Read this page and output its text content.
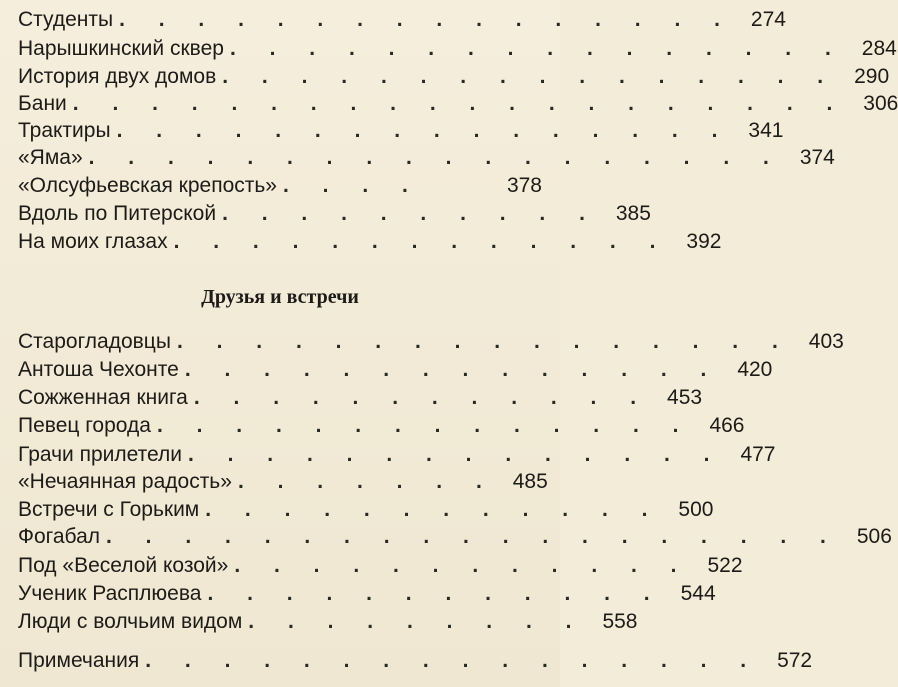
Студенты . . . . . . . . . . . . . . . . 274
Нарышкинский сквер . . . . . . . . . . . . . . . . 284
История двух домов . . . . . . . . . . . . . . . . 290
Бани . . . . . . . . . . . . . . . . . . . . 306
Трактиры . . . . . . . . . . . . . . . . 341
«Яма» . . . . . . . . . . . . . . . . . . 374
«Олсуфьевская крепость» . . . .	378
Вдоль по Питерской . . . . . . . . . . 385
На моих глазах . . . . . . . . . . . . . 392
Друзья и встречи
Старогладовцы . . . . . . . . . . . . . . . . 403
Антоша Чехонте . . . . . . . . . . . . . . 420
Сожженная книга . . . . . . . . . . . . 453
Певец города . . . . . . . . . . . . . . 466
Грачи прилетели . . . . . . . . . . . . . . 477
«Нечаянная радость» . . . . . . . 485
Встречи с Горьким . . . . . . . . . . . . 500
Фогабал . . . . . . . . . . . . . . . . . . . 506
Под «Веселой козой» . . . . . . . . . . . . 522
Ученик Расплюева . . . . . . . . . . . . 544
Люди с волчьим видом . . . . . . . . . 558
Примечания . . . . . . . . . . . . . . . . 572
